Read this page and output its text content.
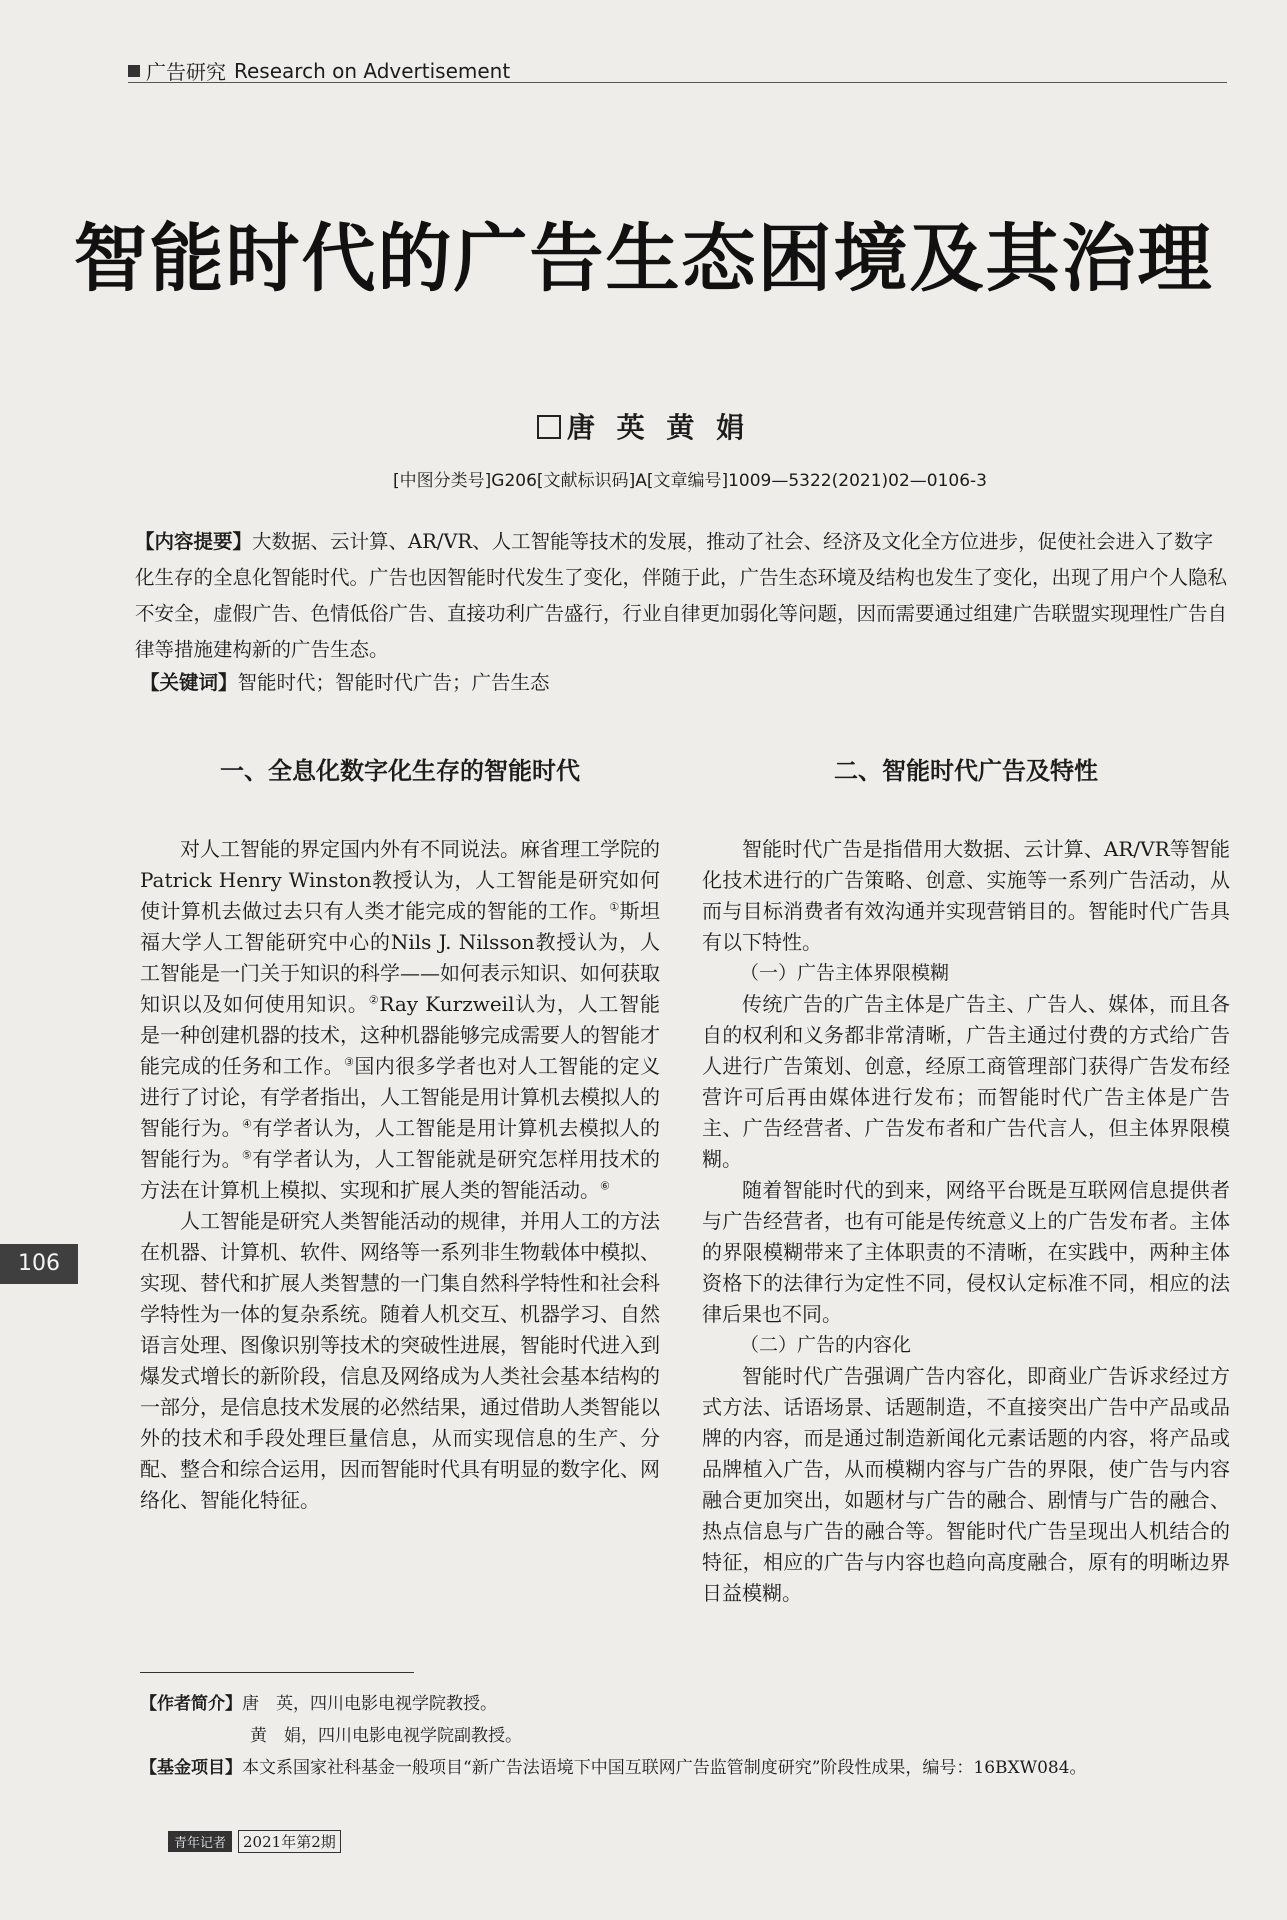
广告研究 Research on Advertisement
智能时代的广告生态困境及其治理
唐 英 黄 娟
[中图分类号]G206[文献标识码]A[文章编号]1009—5322(2021)02—0106-3
【内容提要】大数据、云计算、AR/VR、人工智能等技术的发展，推动了社会、经济及文化全方位进步，促使社会进入了数字化生存的全息化智能时代。广告也因智能时代发生了变化，伴随于此，广告生态环境及结构也发生了变化，出现了用户个人隐私不安全，虚假广告、色情低俗广告、直接功利广告盛行，行业自律更加弱化等问题，因而需要通过组建广告联盟实现理性广告自律等措施建构新的广告生态。
【关键词】智能时代；智能时代广告；广告生态
一、全息化数字化生存的智能时代

对人工智能的界定国内外有不同说法。麻省理工学院的Patrick Henry Winston教授认为，人工智能是研究如何使计算机去做过去只有人类才能完成的智能的工作。①斯坦福大学人工智能研究中心的Nils J. Nilsson教授认为，人工智能是一门关于知识的科学——如何表示知识、如何获取知识以及如何使用知识。②Ray Kurzweil认为，人工智能是一种创建机器的技术，这种机器能够完成需要人的智能才能完成的任务和工作。③国内很多学者也对人工智能的定义进行了讨论，有学者指出，人工智能是用计算机去模拟人的智能行为。④有学者认为，人工智能是用计算机去模拟人的智能行为。⑤有学者认为，人工智能就是研究怎样用技术的方法在计算机上模拟、实现和扩展人类的智能活动。⑥

人工智能是研究人类智能活动的规律，并用人工的方法在机器、计算机、软件、网络等一系列非生物载体中模拟、实现、替代和扩展人类智慧的一门集自然科学特性和社会科学特性为一体的复杂系统。随着人机交互、机器学习、自然语言处理、图像识别等技术的突破性进展，智能时代进入到爆发式增长的新阶段，信息及网络成为人类社会基本结构的一部分，是信息技术发展的必然结果，通过借助人类智能以外的技术和手段处理巨量信息，从而实现信息的生产、分配、整合和综合运用，因而智能时代具有明显的数字化、网络化、智能化特征。

二、智能时代广告及特性

智能时代广告是指借用大数据、云计算、AR/VR等智能化技术进行的广告策略、创意、实施等一系列广告活动，从而与目标消费者有效沟通并实现营销目的。智能时代广告具有以下特性。

（一）广告主体界限模糊

传统广告的广告主体是广告主、广告人、媒体，而且各自的权利和义务都非常清晰，广告主通过付费的方式给广告人进行广告策划、创意，经原工商管理部门获得广告发布经营许可后再由媒体进行发布；而智能时代广告主体是广告主、广告经营者、广告发布者和广告代言人，但主体界限模糊。

随着智能时代的到来，网络平台既是互联网信息提供者与广告经营者，也有可能是传统意义上的广告发布者。主体的界限模糊带来了主体职责的不清晰，在实践中，两种主体资格下的法律行为定性不同，侵权认定标准不同，相应的法律后果也不同。

（二）广告的内容化

智能时代广告强调广告内容化，即商业广告诉求经过方式方法、话语场景、话题制造，不直接突出广告中产品或品牌的内容，而是通过制造新闻化元素话题的内容，将产品或品牌植入广告，从而模糊内容与广告的界限，使广告与内容融合更加突出，如题材与广告的融合、剧情与广告的融合、热点信息与广告的融合等。智能时代广告呈现出人机结合的特征，相应的广告与内容也趋向高度融合，原有的明晰边界日益模糊。

106
【作者简介】唐　英，四川电影电视学院教授。
黄　娟，四川电影电视学院副教授。
【基金项目】本文系国家社科基金一般项目“新广告法语境下中国互联网广告监管制度研究”阶段性成果，编号：16BXW084。
青年记者	2021年第2期
